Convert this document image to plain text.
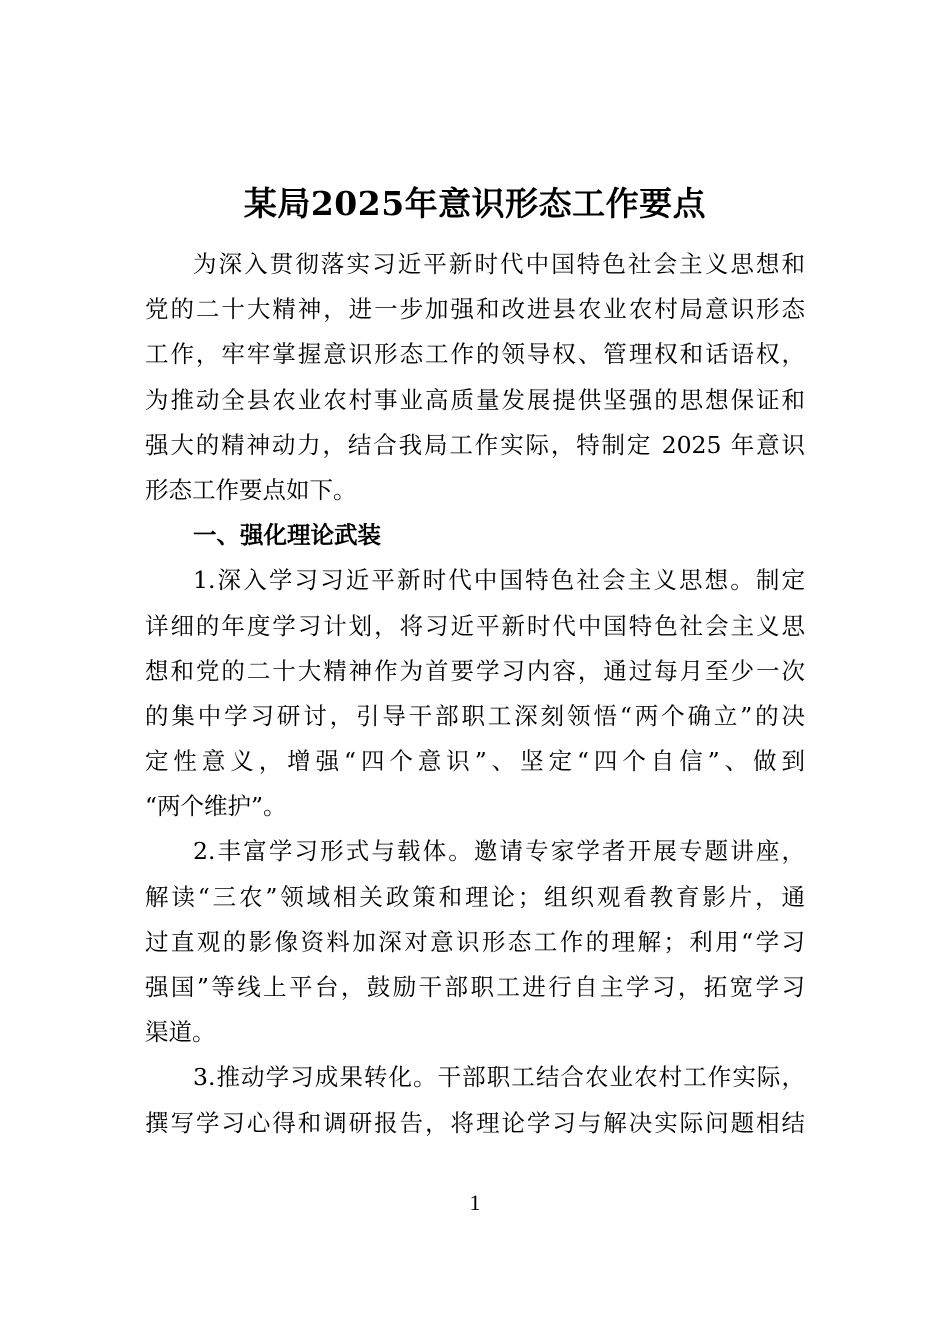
某局2025年意识形态工作要点
为深入贯彻落实习近平新时代中国特色社会主义思想和
党的二十大精神，进一步加强和改进县农业农村局意识形态
工作，牢牢掌握意识形态工作的领导权、管理权和话语权，
为推动全县农业农村事业高质量发展提供坚强的思想保证和
强大的精神动力，结合我局工作实际，特制定 2025 年意识
形态工作要点如下。
一、强化理论武装
1.深入学习习近平新时代中国特色社会主义思想。制定
详细的年度学习计划，将习近平新时代中国特色社会主义思
想和党的二十大精神作为首要学习内容，通过每月至少一次
的集中学习研讨，引导干部职工深刻领悟“两个确立”的决
定性意义，增强“四个意识”、坚定“四个自信”、做到
“两个维护”。
2.丰富学习形式与载体。邀请专家学者开展专题讲座，
解读“三农”领域相关政策和理论；组织观看教育影片，通
过直观的影像资料加深对意识形态工作的理解；利用“学习
强国”等线上平台，鼓励干部职工进行自主学习，拓宽学习
渠道。
3.推动学习成果转化。干部职工结合农业农村工作实际，
撰写学习心得和调研报告，将理论学习与解决实际问题相结
1
